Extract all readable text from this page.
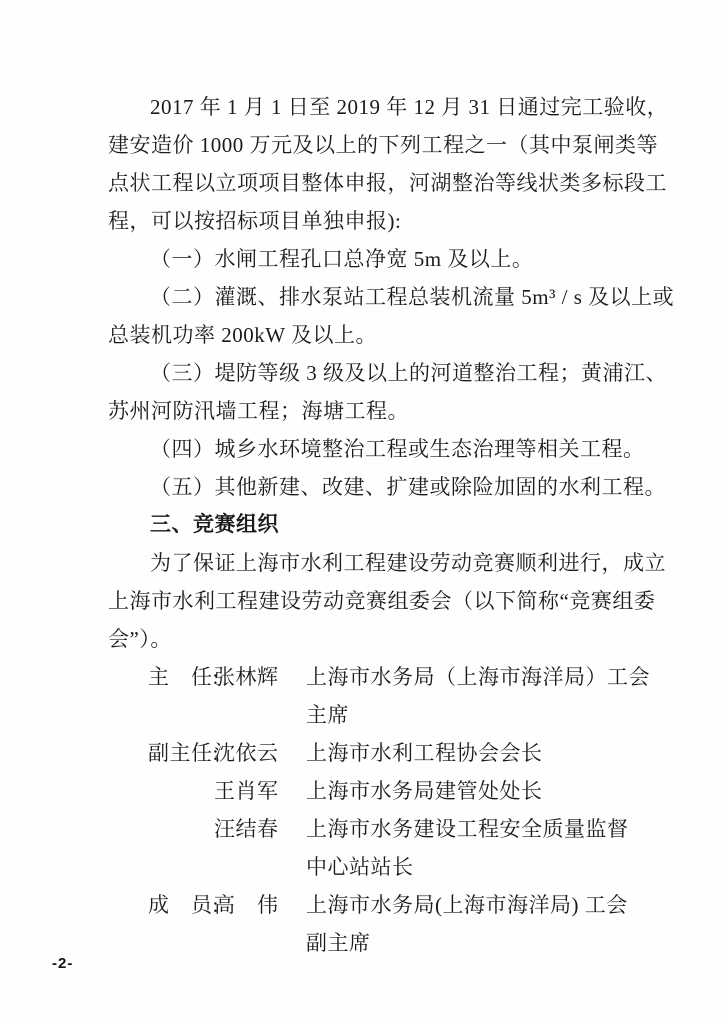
2017 年 1 月 1 日至 2019 年 12 月 31 日通过完工验收，

建安造价 1000 万元及以上的下列工程之一（其中泵闸类等

点状工程以立项项目整体申报，河湖整治等线状类多标段工

程，可以按招标项目单独申报):

（一）水闸工程孔口总净宽 5m 及以上。

（二）灌溉、排水泵站工程总装机流量 5m³ / s 及以上或

总装机功率 200kW 及以上。

（三）堤防等级 3 级及以上的河道整治工程；黄浦江、

苏州河防汛墙工程；海塘工程。

（四）城乡水环境整治工程或生态治理等相关工程。

（五）其他新建、改建、扩建或除险加固的水利工程。

三、竞赛组织

为了保证上海市水利工程建设劳动竞赛顺利进行，成立

上海市水利工程建设劳动竞赛组委会（以下简称“竞赛组委

会”）。

主　任:
张林辉	上海市水务局（上海市海洋局）工会
主席
副主任:
沈依云	上海市水利工程协会会长
王肖军	上海市水务局建管处处长
汪结春	上海市水务建设工程安全质量监督
中心站站长
成　员:
高　伟	上海市水务局(上海市海洋局) 工会
副主席
-2-
